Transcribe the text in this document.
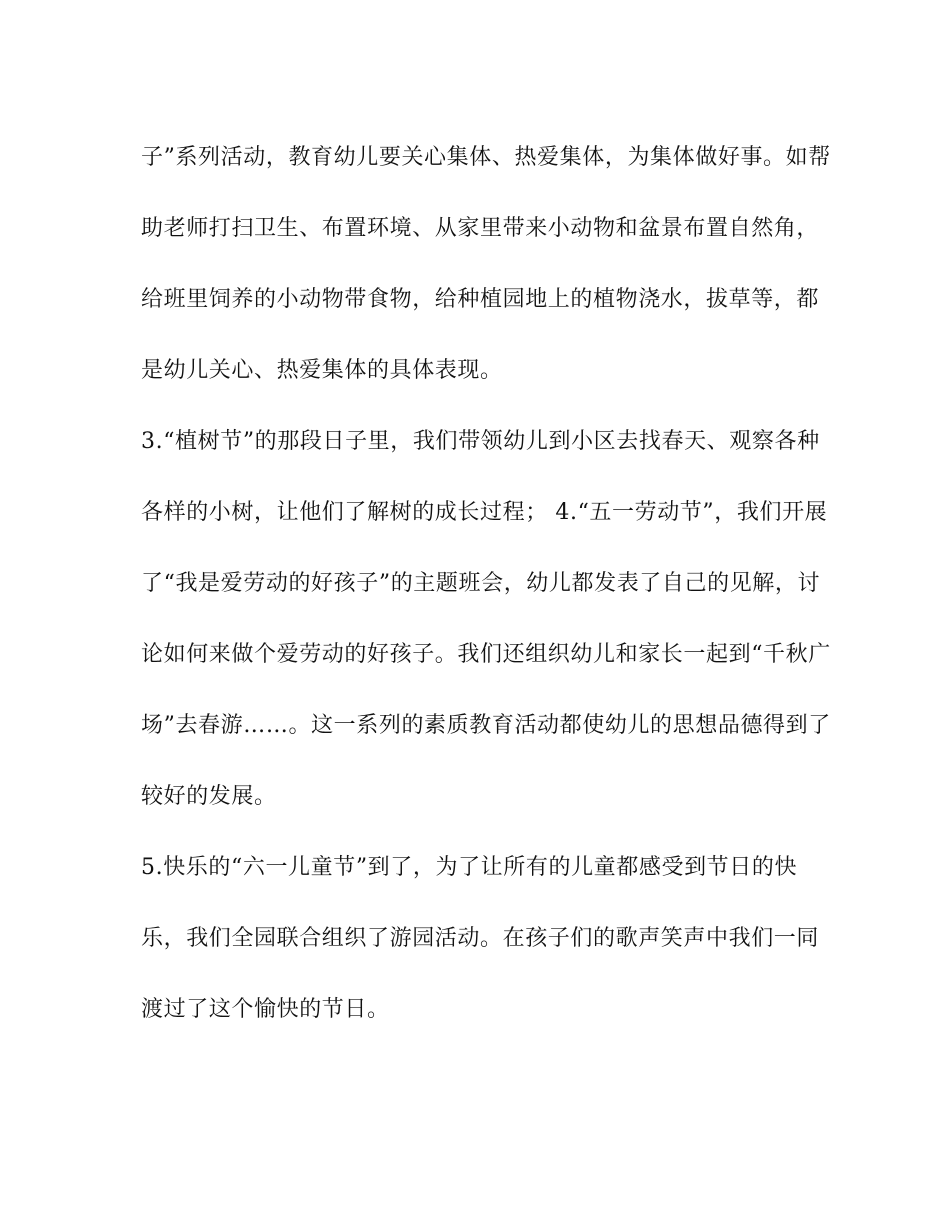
子”系列活动，教育幼儿要关心集体、热爱集体，为集体做好事。如帮
助老师打扫卫生、布置环境、从家里带来小动物和盆景布置自然角，
给班里饲养的小动物带食物，给种植园地上的植物浇水，拔草等，都
是幼儿关心、热爱集体的具体表现。
3.“植树节”的那段日子里，我们带领幼儿到小区去找春天、观察各种
各样的小树，让他们了解树的成长过程； 4.“五一劳动节”，我们开展
了“我是爱劳动的好孩子”的主题班会，幼儿都发表了自己的见解，讨
论如何来做个爱劳动的好孩子。我们还组织幼儿和家长一起到“千秋广
场”去春游……。这一系列的素质教育活动都使幼儿的思想品德得到了
较好的发展。
5.快乐的“六一儿童节”到了，为了让所有的儿童都感受到节日的快
乐，我们全园联合组织了游园活动。在孩子们的歌声笑声中我们一同
渡过了这个愉快的节日。
